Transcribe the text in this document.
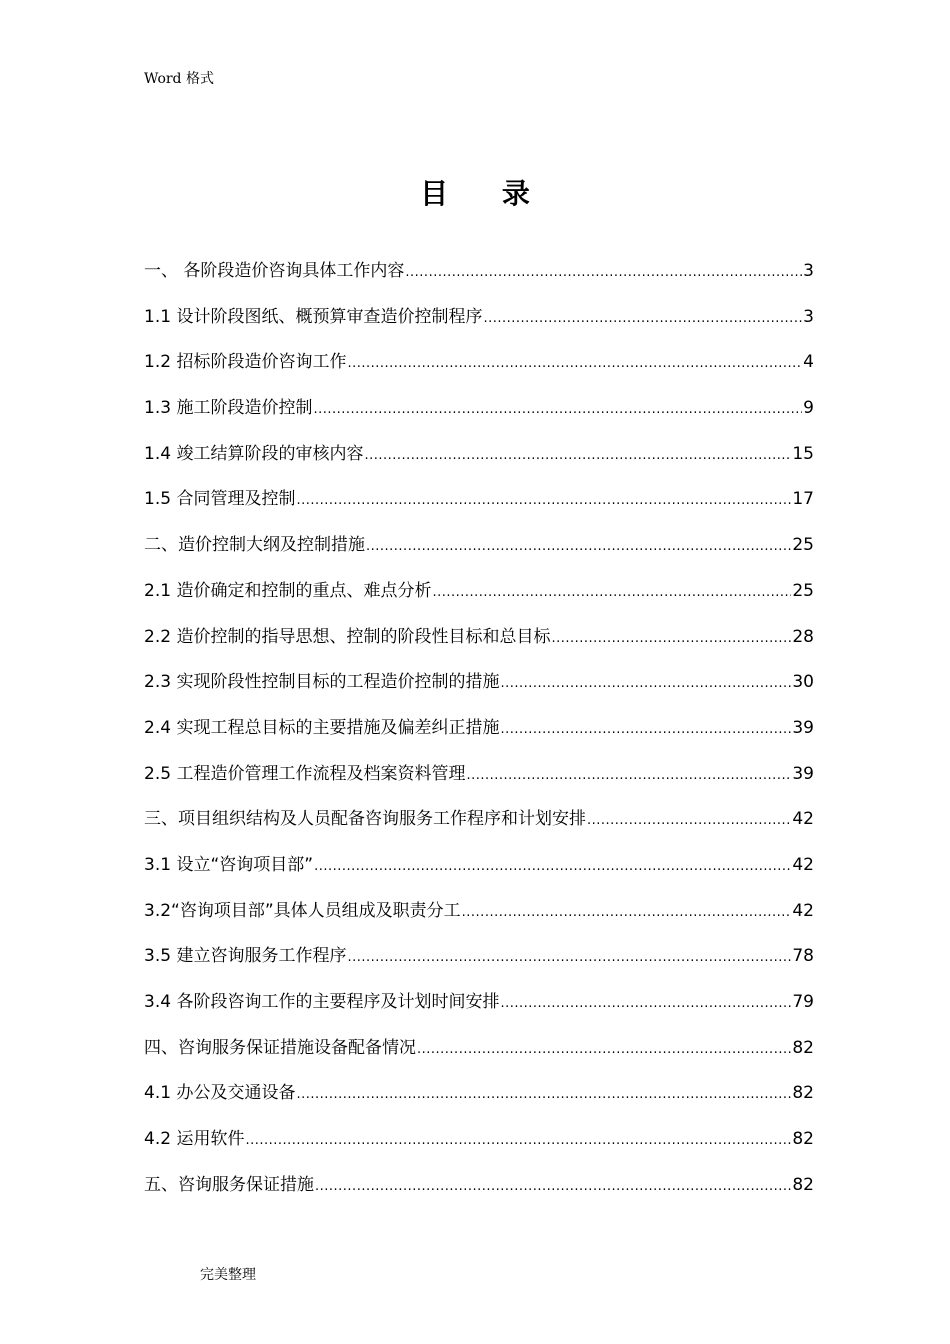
Word 格式
目 录
一、 各阶段造价咨询具体工作内容 .....	3
1.1 设计阶段图纸、概预算审查造价控制程序 .....	3
1.2 招标阶段造价咨询工作 .....	4
1.3 施工阶段造价控制 .....	9
1.4 竣工结算阶段的审核内容 .....	15
1.5 合同管理及控制 .....	17
二、造价控制大纲及控制措施 .....	25
2.1 造价确定和控制的重点、难点分析 .....	25
2.2 造价控制的指导思想、控制的阶段性目标和总目标 .....	28
2.3 实现阶段性控制目标的工程造价控制的措施 .....	30
2.4 实现工程总目标的主要措施及偏差纠正措施 .....	39
2.5 工程造价管理工作流程及档案资料管理 .....	39
三、项目组织结构及人员配备咨询服务工作程序和计划安排 .....	42
3.1 设立“咨询项目部” .....	42
3.2“咨询项目部”具体人员组成及职责分工 .....	42
3.5 建立咨询服务工作程序 .....	78
3.4 各阶段咨询工作的主要程序及计划时间安排 .....	79
四、咨询服务保证措施设备配备情况 .....	82
4.1 办公及交通设备 .....	82
4.2 运用软件 .....	82
五、咨询服务保证措施 .....	82
完美整理
